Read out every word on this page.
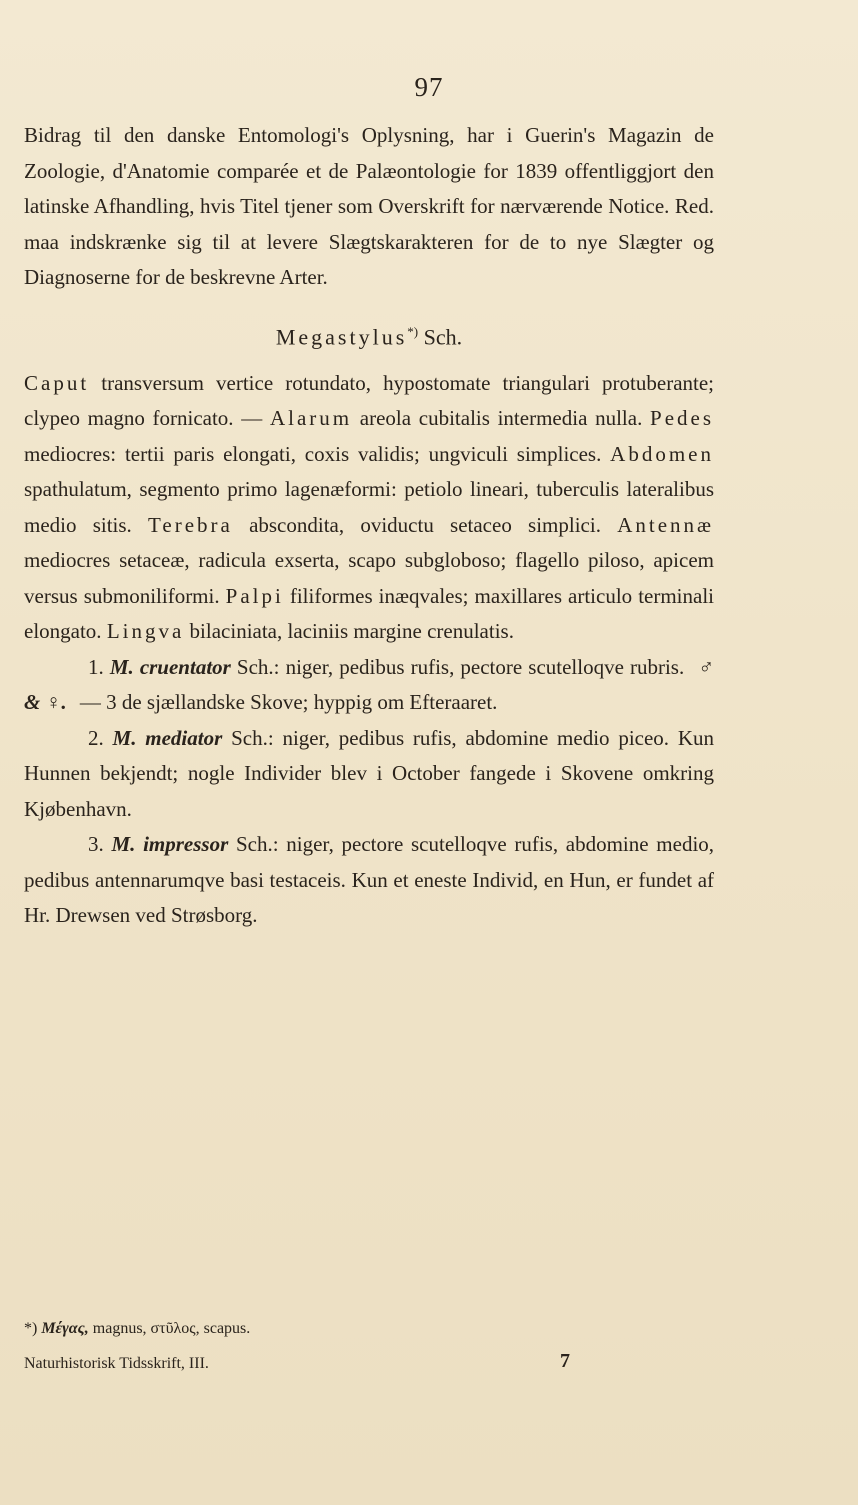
97

Bidrag til den danske Entomologi's Oplysning, har i Guerin's Magazin de Zoologie, d'Anatomie comparée et de Palæontologie for 1839 offentliggjort den latinske Afhandling, hvis Titel tjener som Overskrift for nærværende Notice. Red. maa indskrænke sig til at levere Slægtskarakteren for de to nye Slægter og Diagnoserne for de beskrevne Arter.

Megastylus*) Sch.

Caput transversum vertice rotundato, hypostomate triangulari protuberante; clypeo magno fornicato. — Alarum areola cubitalis intermedia nulla. Pedes mediocres: tertii paris elongati, coxis validis; ungviculi simplices. Abdomen spathulatum, segmento primo lagenæformi: petiolo lineari, tuberculis lateralibus medio sitis. Terebra abscondita, oviductu setaceo simplici. Antennæ mediocres setaceæ, radicula exserta, scapo subgloboso; flagello piloso, apicem versus submoniliformi. Palpi filiformes inæqvales; maxillares articulo terminali elongato. Lingva bilaciniata, laciniis margine crenulatis.

1. M. cruentator Sch.: niger, pedibus rufis, pectore scutelloqve rubris. ♂ & ♀. — 3 de sjællandske Skove; hyppig om Efteraaret.

2. M. mediator Sch.: niger, pedibus rufis, abdomine medio piceo. Kun Hunnen bekjendt; nogle Individer blev i October fangede i Skovene omkring Kjøbenhavn.

3. M. impressor Sch.: niger, pectore scutelloqve rufis, abdomine medio, pedibus antennarumqve basi testaceis. Kun et eneste Individ, en Hun, er fundet af Hr. Drewsen ved Strøsborg.

*) Μέγας, magnus, στῦλος, scapus.
Naturhistorisk Tidsskrift, III.	7
